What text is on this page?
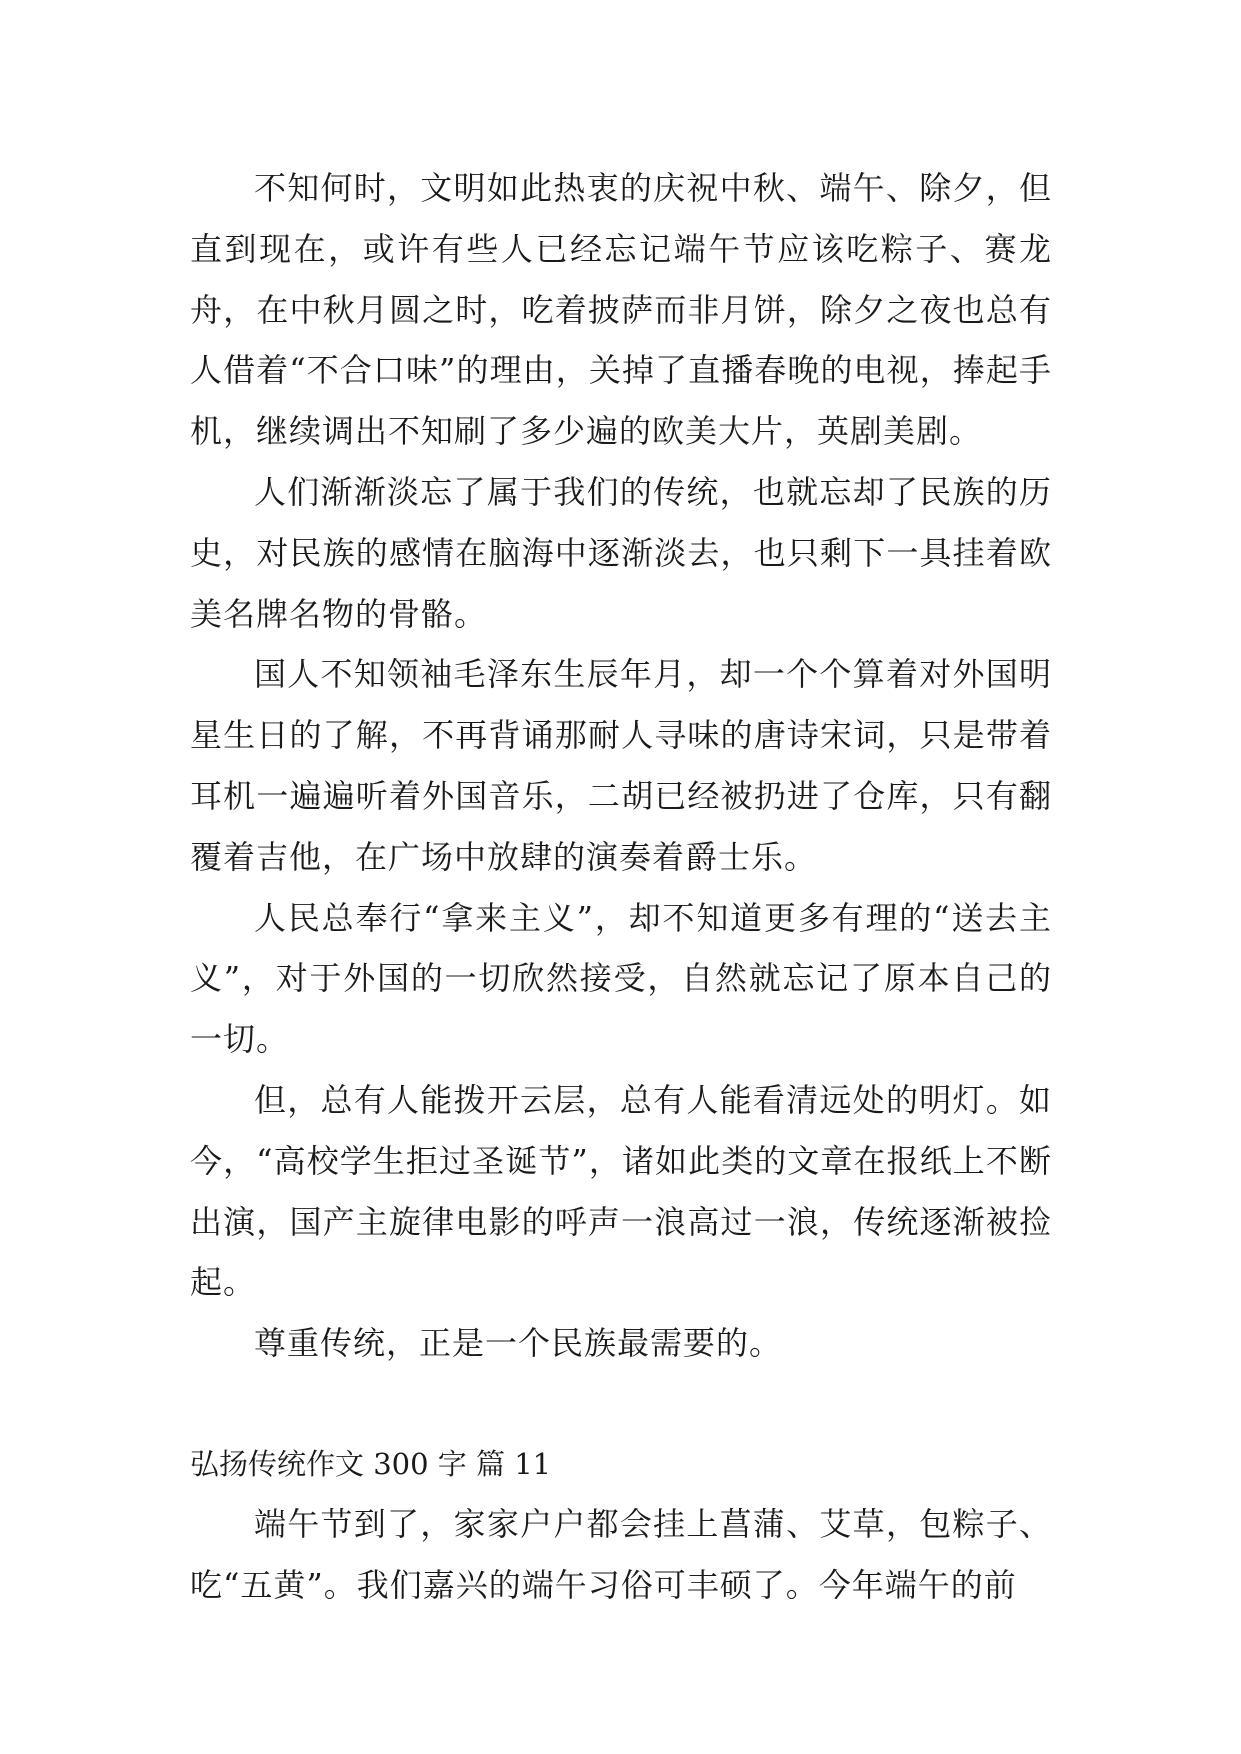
不知何时，文明如此热衷的庆祝中秋、端午、除夕，但直到现在，或许有些人已经忘记端午节应该吃粽子、赛龙舟，在中秋月圆之时，吃着披萨而非月饼，除夕之夜也总有人借着“不合口味”的理由，关掉了直播春晚的电视，捧起手机，继续调出不知刷了多少遍的欧美大片，英剧美剧。

人们渐渐淡忘了属于我们的传统，也就忘却了民族的历史，对民族的感情在脑海中逐渐淡去，也只剩下一具挂着欧美名牌名物的骨骼。

国人不知领袖毛泽东生辰年月，却一个个算着对外国明星生日的了解，不再背诵那耐人寻味的唐诗宋词，只是带着耳机一遍遍听着外国音乐，二胡已经被扔进了仓库，只有翻覆着吉他，在广场中放肆的演奏着爵士乐。

人民总奉行“拿来主义”，却不知道更多有理的“送去主义”，对于外国的一切欣然接受，自然就忘记了原本自己的一切。

但，总有人能拨开云层，总有人能看清远处的明灯。如今，“高校学生拒过圣诞节”，诸如此类的文章在报纸上不断出演，国产主旋律电影的呼声一浪高过一浪，传统逐渐被捡起。

尊重传统，正是一个民族最需要的。

弘扬传统作文 300 字 篇 11

端午节到了，家家户户都会挂上菖蒲、艾草，包粽子、吃“五黄”。我们嘉兴的端午习俗可丰硕了。今年端午的前
